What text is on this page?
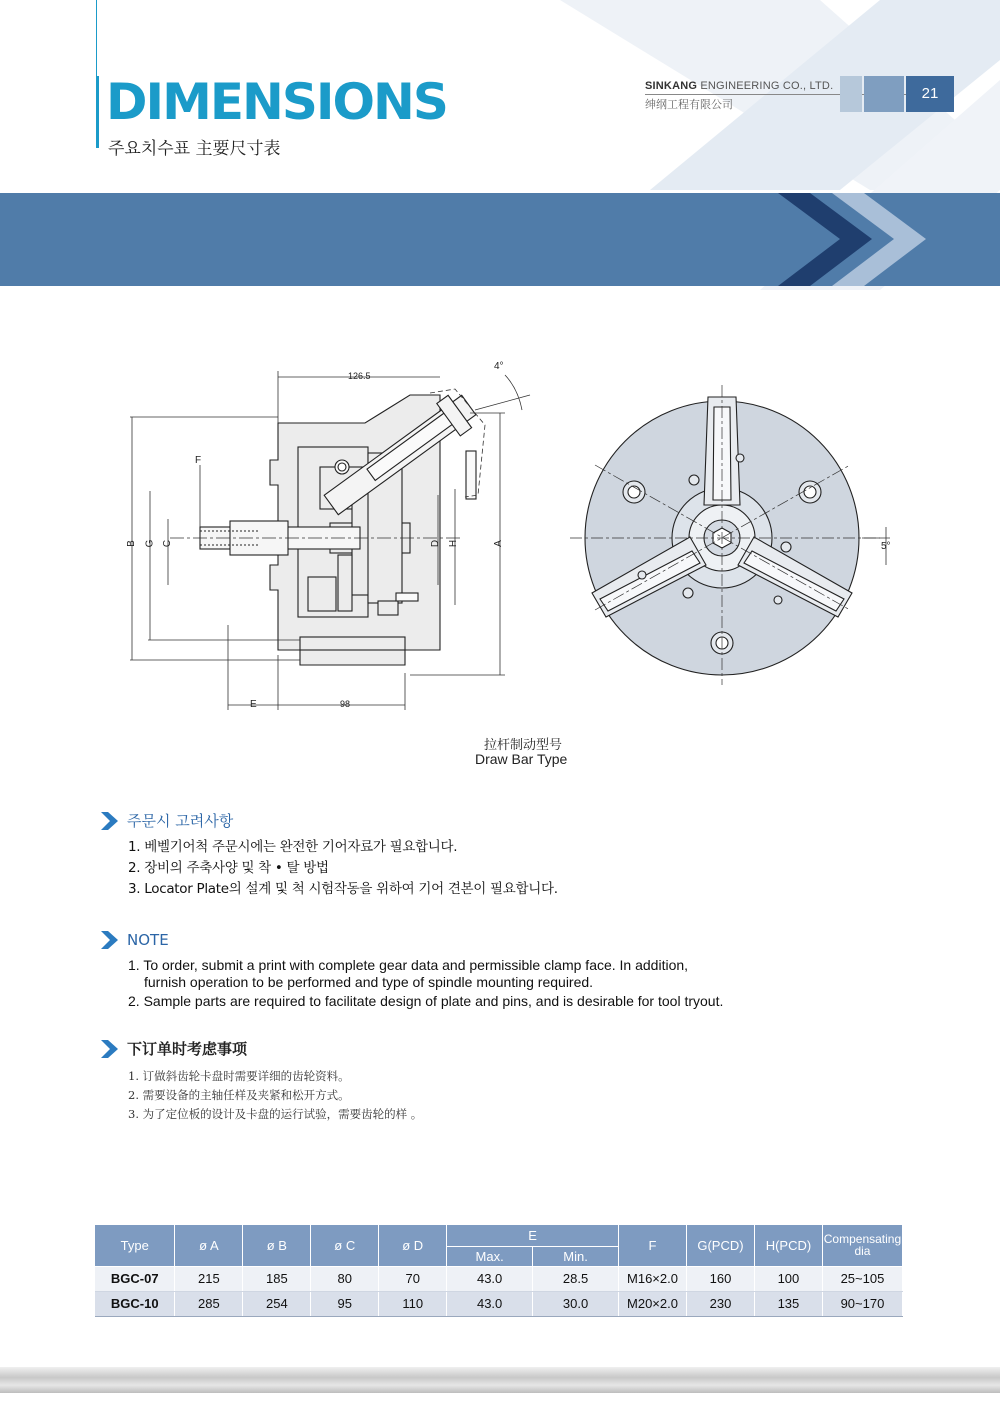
DIMENSIONS
주요치수표 主要尺寸表
SINKANG ENGINEERING CO., LTD.
绅纲工程有限公司
21
126.5
4°
F
B G C	D H	A
E	98
5°
拉杆制动型号
Draw Bar Type
주문시 고려사항
1. 베벨기어척 주문시에는 완전한 기어자료가 필요합니다.
2. 장비의 주축사양 및 착 • 탈 방법
3. Locator Plate의 설계 및 척 시험작동을 위하여 기어 견본이 필요합니다.
NOTE
1. To order, submit a print with complete gear data and permissible clamp face. In addition,
furnish operation to be performed and type of spindle mounting required.
2. Sample parts are required to facilitate design of plate and pins, and is desirable for tool tryout.
下订单时考虑事项
1. 订做斜齿轮卡盘时需要详细的齿轮资料。
2. 需要设备的主轴任样及夹紧和松开方式。
3. 为了定位板的设计及卡盘的运行试验，需要齿轮的样 。
Type	ø A	ø B	ø C	ø D	E		F	G(PCD)	H(PCD)	Compensating
dia
					Max.	Min.				
BGC-07	215	185	80	70	43.0	28.5	M16×2.0	160	100	25~105
BGC-10	285	254	95	110	43.0	30.0	M20×2.0	230	135	90~170
